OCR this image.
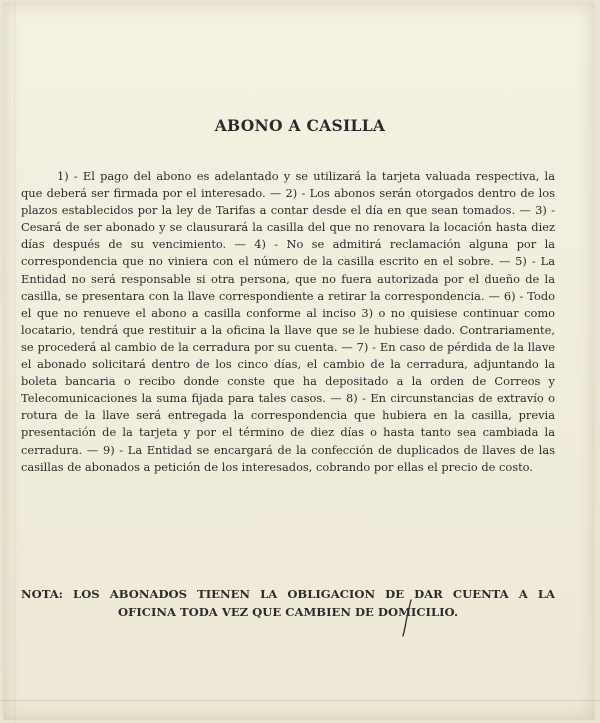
ABONO A CASILLA

1) - El pago del abono es adelantado y se utilizará la tarjeta valuada respectiva, la que deberá ser firmada por el interesado. — 2) - Los abonos serán otorgados dentro de los plazos establecidos por la ley de Tarifas a contar desde el día en que sean tomados. — 3) - Cesará de ser abonado y se clausurará la casilla del que no renovara la locación hasta diez días después de su vencimiento. — 4) - No se admitirá reclamación alguna por la correspondencia que no viniera con el número de la casilla escrito en el sobre. — 5) - La Entidad no será responsable si otra persona, que no fuera autorizada por el dueño de la casilla, se presentara con la llave correspondiente a retirar la correspondencia. — 6) - Todo el que no renueve el abono a casilla conforme al inciso 3) o no quisiese continuar como locatario, tendrá que restituir a la oficina la llave que se le hubiese dado. Contrariamente, se procederá al cambio de la cerradura por su cuenta. — 7) - En caso de pérdida de la llave el abonado solicitará dentro de los cinco días, el cambio de la cerradura, adjuntando la boleta bancaria o recibo donde conste que ha depositado a la orden de Correos y Telecomunicaciones la suma fijada para tales casos. — 8) - En circunstancias de extravío o rotura de la llave será entregada la correspondencia que hubiera en la casilla, previa presentación de la tarjeta y por el término de diez días o hasta tanto sea cambiada la cerradura. — 9) - La Entidad se encargará de la confección de duplicados de llaves de las casillas de abonados a petición de los interesados, cobrando por ellas el precio de costo.

NOTA: LOS ABONADOS TIENEN LA OBLIGACION DE DAR CUENTA A LA OFICINA TODA VEZ QUE CAMBIEN DE DOMICILIO.
